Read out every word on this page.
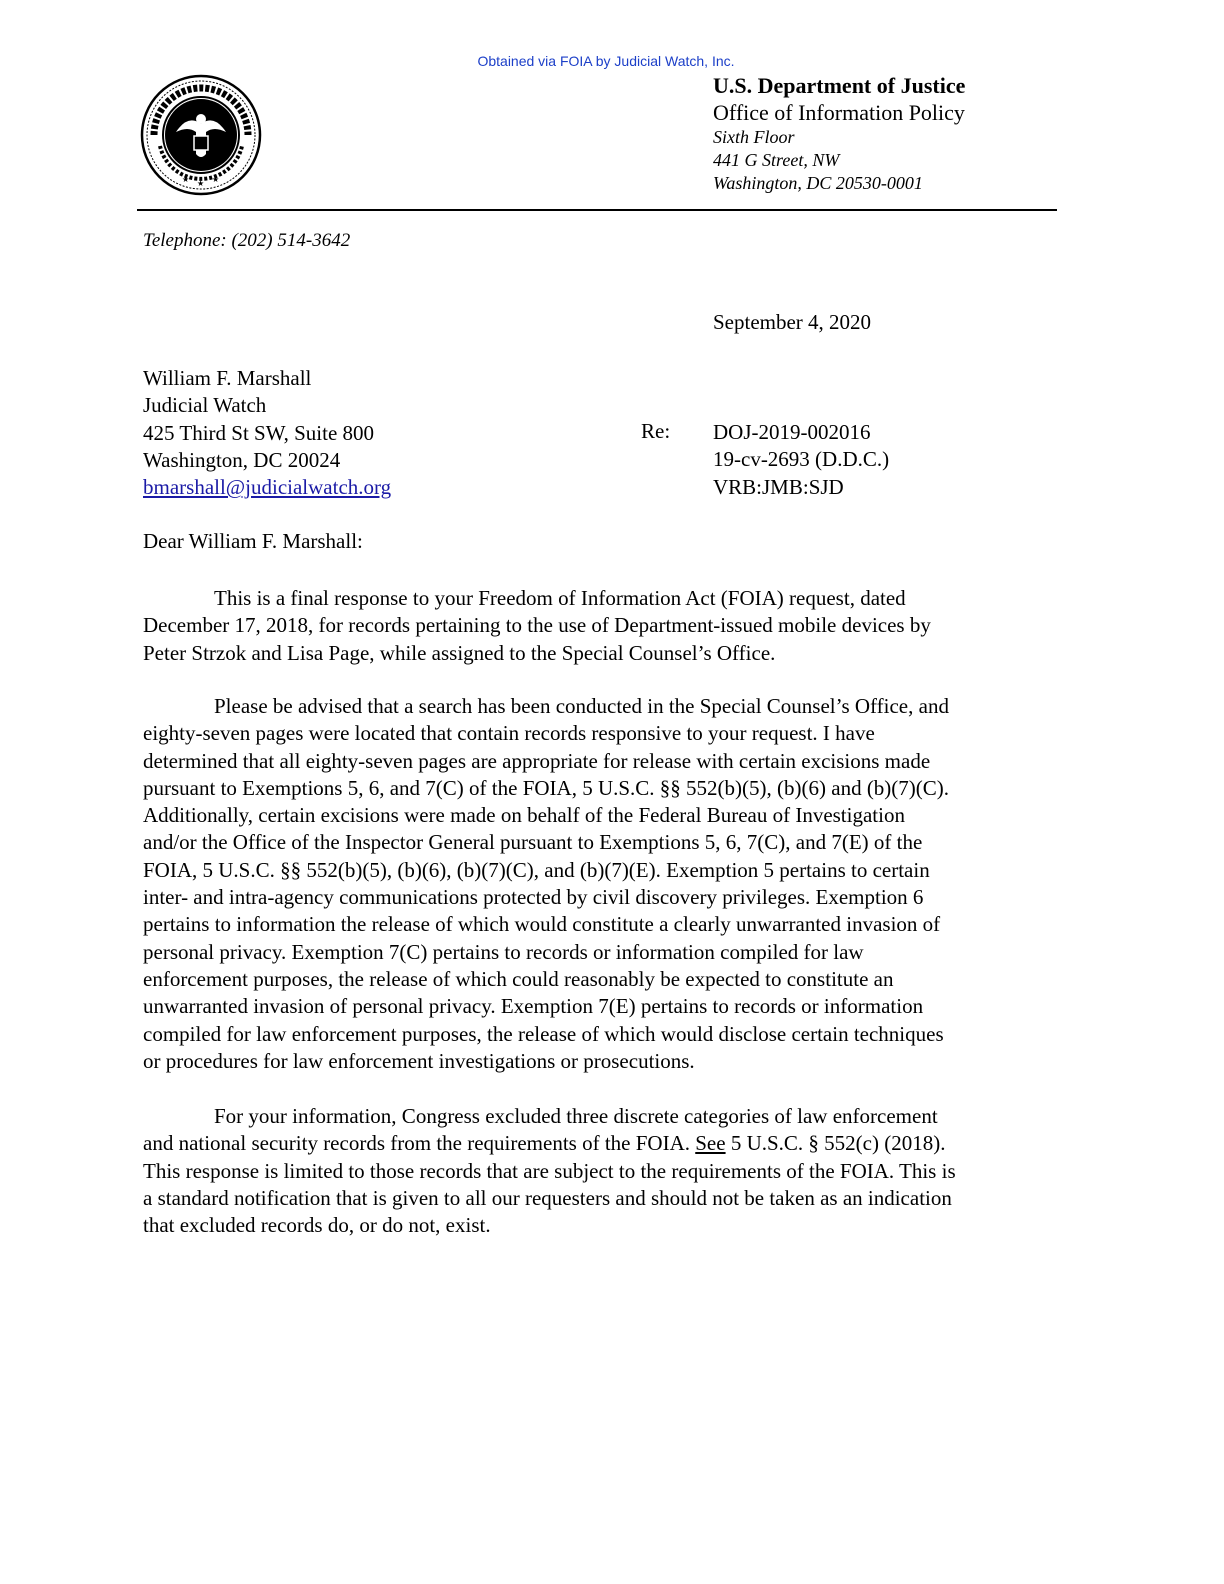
Obtained via FOIA by Judicial Watch, Inc.
★ ★ ★
U.S. Department of Justice
Office of Information Policy
Sixth Floor
441 G Street, NW
Washington, DC 20530-0001
Telephone: (202) 514-3642
September 4, 2020
William F. Marshall
Judicial Watch
425 Third St SW, Suite 800
Washington, DC 20024
bmarshall@judicialwatch.org
Re: DOJ-2019-002016
19-cv-2693 (D.D.C.)
VRB:JMB:SJD
Dear William F. Marshall:

This is a final response to your Freedom of Information Act (FOIA) request, dated

December 17, 2018, for records pertaining to the use of Department-issued mobile devices by

Peter Strzok and Lisa Page, while assigned to the Special Counsel’s Office.

Please be advised that a search has been conducted in the Special Counsel’s Office, and

eighty-seven pages were located that contain records responsive to your request. I have

determined that all eighty-seven pages are appropriate for release with certain excisions made

pursuant to Exemptions 5, 6, and 7(C) of the FOIA, 5 U.S.C. §§ 552(b)(5), (b)(6) and (b)(7)(C).

Additionally, certain excisions were made on behalf of the Federal Bureau of Investigation

and/or the Office of the Inspector General pursuant to Exemptions 5, 6, 7(C), and 7(E) of the

FOIA, 5 U.S.C. §§ 552(b)(5), (b)(6), (b)(7)(C), and (b)(7)(E). Exemption 5 pertains to certain

inter- and intra-agency communications protected by civil discovery privileges. Exemption 6

pertains to information the release of which would constitute a clearly unwarranted invasion of

personal privacy. Exemption 7(C) pertains to records or information compiled for law

enforcement purposes, the release of which could reasonably be expected to constitute an

unwarranted invasion of personal privacy. Exemption 7(E) pertains to records or information

compiled for law enforcement purposes, the release of which would disclose certain techniques

or procedures for law enforcement investigations or prosecutions.

For your information, Congress excluded three discrete categories of law enforcement

and national security records from the requirements of the FOIA. See 5 U.S.C. § 552(c) (2018).

This response is limited to those records that are subject to the requirements of the FOIA. This is

a standard notification that is given to all our requesters and should not be taken as an indication

that excluded records do, or do not, exist.
